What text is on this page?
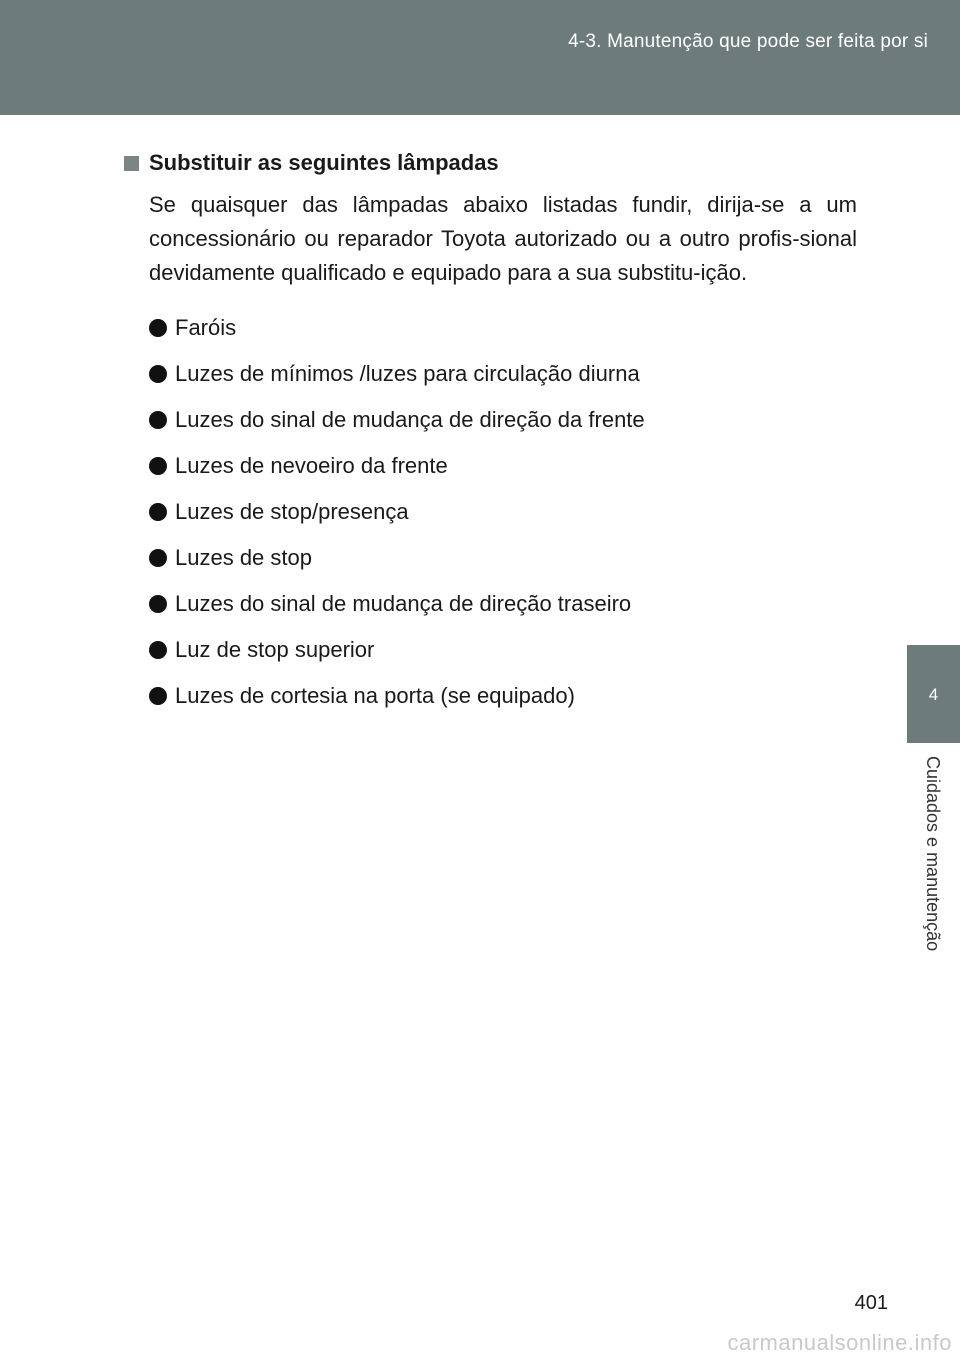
4-3. Manutenção que pode ser feita por si
4
Cuidados e manutenção
Substituir as seguintes lâmpadas

Se quaisquer das lâmpadas abaixo listadas fundir, dirija-se a um concessionário ou reparador Toyota autorizado ou a outro profis-sional devidamente qualificado e equipado para a sua substitu-ição.

Faróis
Luzes de mínimos /luzes para circulação diurna
Luzes do sinal de mudança de direção da frente
Luzes de nevoeiro da frente
Luzes de stop/presença
Luzes de stop
Luzes do sinal de mudança de direção traseiro
Luz de stop superior
Luzes de cortesia na porta (se equipado)
401
carmanualsonline.info
